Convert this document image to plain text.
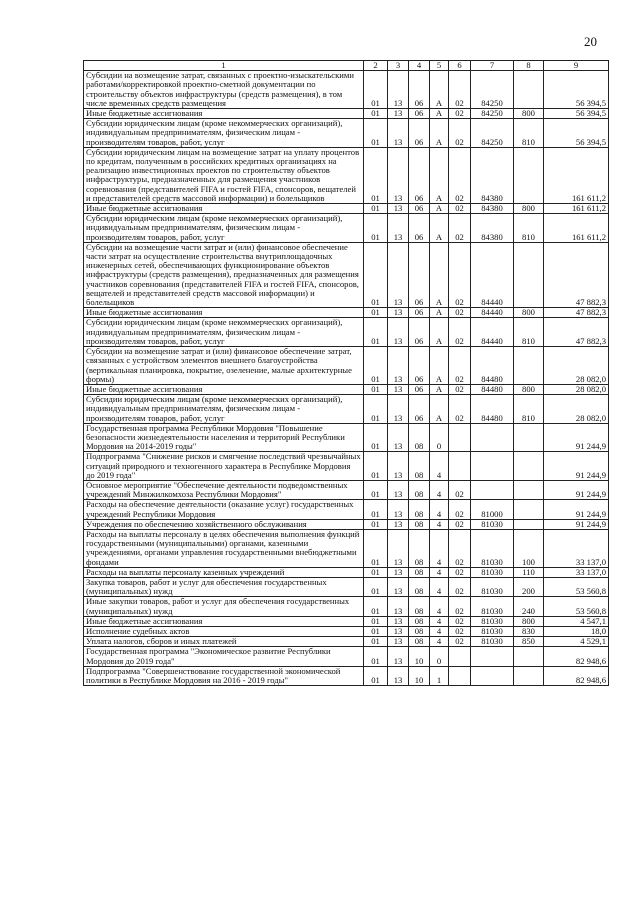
20
1	2	3	4	5	6	7	8	9
Субсидии на возмещение затрат, связанных с проектно-изыскательскими работами/корректировкой проектно-сметной документации по строительству объектов инфраструктуры (средств размещения), в том числе временных средств размещения	01	13	06	А	02	84250		56 394,5
Иные бюджетные ассигнования	01	13	06	А	02	84250	800	56 394,5
Субсидии юридическим лицам (кроме некоммерческих организаций), индивидуальным предпринимателям, физическим лицам - производителям товаров, работ, услуг	01	13	06	А	02	84250	810	56 394,5
Субсидии юридическим лицам на возмещение затрат на уплату процентов по кредитам, полученным в российских кредитных организациях на реализацию инвестиционных проектов по строительству объектов инфраструктуры, предназначенных для размещения участников соревнования (представителей FIFA и гостей FIFA, спонсоров, вещателей и представителей средств массовой информации) и болельщиков	01	13	06	А	02	84380		161 611,2
Иные бюджетные ассигнования	01	13	06	А	02	84380	800	161 611,2
Субсидии юридическим лицам (кроме некоммерческих организаций), индивидуальным предпринимателям, физическим лицам - производителям товаров, работ, услуг	01	13	06	А	02	84380	810	161 611,2
Субсидии на возмещение части затрат и (или) финансовое обеспечение части затрат на осуществление строительства внутриплощадочных инженерных сетей, обеспечивающих функционирование объектов инфраструктуры (средств размещения), предназначенных для размещения участников соревнования (представителей FIFA и гостей FIFA, спонсоров, вещателей и представителей средств массовой информации) и болельщиков	01	13	06	А	02	84440		47 882,3
Иные бюджетные ассигнования	01	13	06	А	02	84440	800	47 882,3
Субсидии юридическим лицам (кроме некоммерческих организаций), индивидуальным предпринимателям, физическим лицам - производителям товаров, работ, услуг	01	13	06	А	02	84440	810	47 882,3
Субсидии на возмещение затрат и (или) финансовое обеспечение затрат, связанных с устройством элементов внешнего благоустройства (вертикальная планировка, покрытие, озеленение, малые архитектурные формы)	01	13	06	А	02	84480		28 082,0
Иные бюджетные ассигнования	01	13	06	А	02	84480	800	28 082,0
Субсидии юридическим лицам (кроме некоммерческих организаций), индивидуальным предпринимателям, физическим лицам - производителям товаров, работ, услуг	01	13	06	А	02	84480	810	28 082,0
Государственная программа Республики Мордовия "Повышение безопасности жизнедеятельности населения и территорий Республики Мордовия на 2014-2019 годы"	01	13	08	0				91 244,9
Подпрограмма "Снижение рисков и смягчение последствий чрезвычайных ситуаций природного и техногенного характера в Республике Мордовия до 2019 года"	01	13	08	4				91 244,9
Основное мероприятие "Обеспечение деятельности подведомственных учреждений Минжилкомхоза Республики Мордовия"	01	13	08	4	02			91 244,9
Расходы на обеспечение деятельности (оказание услуг) государственных учреждений Республики Мордовия	01	13	08	4	02	81000		91 244,9
Учреждения по обеспечению хозяйственного обслуживания	01	13	08	4	02	81030		91 244,9
Расходы на выплаты персоналу в целях обеспечения выполнения функций государственными (муниципальными) органами, казенными учреждениями, органами управления государственными внебюджетными фондами	01	13	08	4	02	81030	100	33 137,0
Расходы на выплаты персоналу казенных учреждений	01	13	08	4	02	81030	110	33 137,0
Закупка товаров, работ и услуг для обеспечения государственных (муниципальных) нужд	01	13	08	4	02	81030	200	53 560,8
Иные закупки товаров, работ и услуг для обеспечения государственных (муниципальных) нужд	01	13	08	4	02	81030	240	53 560,8
Иные бюджетные ассигнования	01	13	08	4	02	81030	800	4 547,1
Исполнение судебных актов	01	13	08	4	02	81030	830	18,0
Уплата налогов, сборов и иных платежей	01	13	08	4	02	81030	850	4 529,1
Государственная программа "Экономическое развитие Республики Мордовия до 2019 года"	01	13	10	0				82 948,6
Подпрограмма "Совершенствование государственной экономической политики в Республике Мордовия на 2016 - 2019 годы"	01	13	10	1				82 948,6
